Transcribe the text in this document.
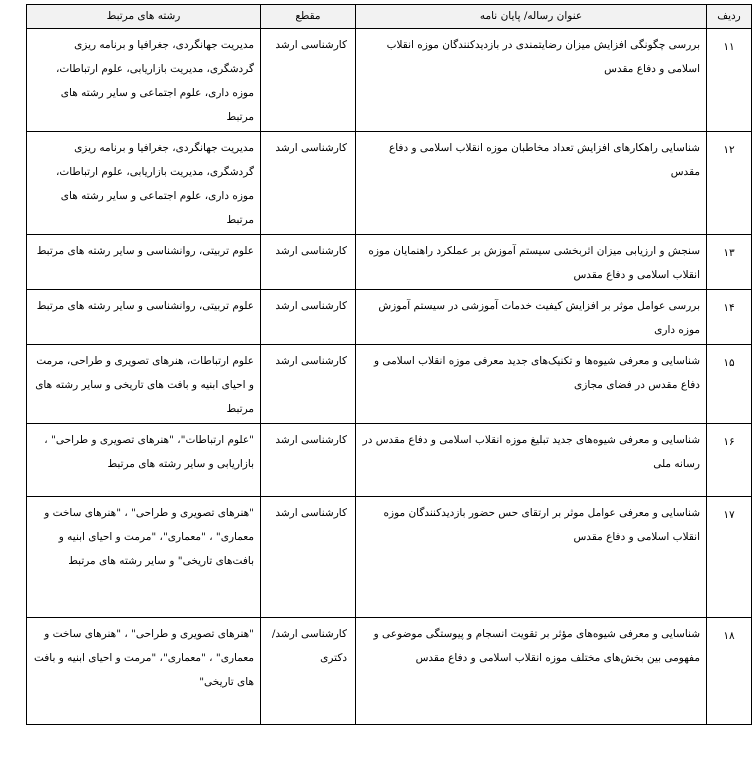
ردیف	عنوان رساله/ پایان نامه	مقطع	رشته های مرتبط
۱۱	بررسی چگونگی افزایش میزان رضایتمندی در بازدیدکنندگان موزه انقلاب اسلامی و دفاع مقدس	کارشناسی ارشد	مدیریت جهانگردی، جغرافیا و برنامه ریزی گردشگری، مدیریت بازاریابی، علوم ارتباطات، موزه داری، علوم اجتماعی و سایر رشته های مرتبط
۱۲	شناسایی راهکارهای افزایش تعداد مخاطبان موزه انقلاب اسلامی و دفاع مقدس	کارشناسی ارشد	مدیریت جهانگردی، جغرافیا و برنامه ریزی گردشگری، مدیریت بازاریابی، علوم ارتباطات، موزه داری، علوم اجتماعی و سایر رشته های مرتبط
۱۳	سنجش و ارزیابی میزان اثربخشی سیستم آموزش بر عملکرد راهنمایان موزه انقلاب اسلامی و دفاع مقدس	کارشناسی ارشد	علوم تربیتی، روانشناسی و سایر رشته های مرتبط
۱۴	بررسی عوامل موثر بر افزایش کیفیت خدمات آموزشی در سیستم آموزش موزه داری	کارشناسی ارشد	علوم تربیتی، روانشناسی و سایر رشته های مرتبط
۱۵	شناسایی و معرفی شیوه‌ها و تکنیک‌های جدید معرفی موزه انقلاب اسلامی و دفاع مقدس در فضای مجازی	کارشناسی ارشد	علوم ارتباطات، هنرهای تصویری و طراحی، مرمت و احیای ابنیه و بافت های تاریخی و سایر رشته های مرتبط
۱۶	شناسایی و معرفی شیوه‌های جدید تبلیغ موزه انقلاب اسلامی و دفاع مقدس در رسانه ملی	کارشناسی ارشد	"علوم ارتباطات"، "هنرهای تصویری و طراحی" ، بازاریابی و سایر رشته های مرتبط
۱۷	شناسایی و معرفی عوامل موثر بر ارتقای حس حضور بازدیدکنندگان موزه انقلاب اسلامی و دفاع مقدس	کارشناسی ارشد	"هنرهای تصویری و طراحی" ، "هنرهای ساخت و معماری" ، "معماری"، "مرمت و احیای ابنیه و بافت‌های تاریخی" و سایر رشته های مرتبط
۱۸	شناسایی و معرفی شیوه‌های مؤثر بر تقویت انسجام و پیوستگی موضوعی و مفهومی بین بخش‌های مختلف موزه انقلاب اسلامی و دفاع مقدس	کارشناسی ارشد/ دکتری	"هنرهای تصویری و طراحی" ، "هنرهای ساخت و معماری" ، "معماری"، "مرمت و احیای ابنیه و بافت های تاریخی"
